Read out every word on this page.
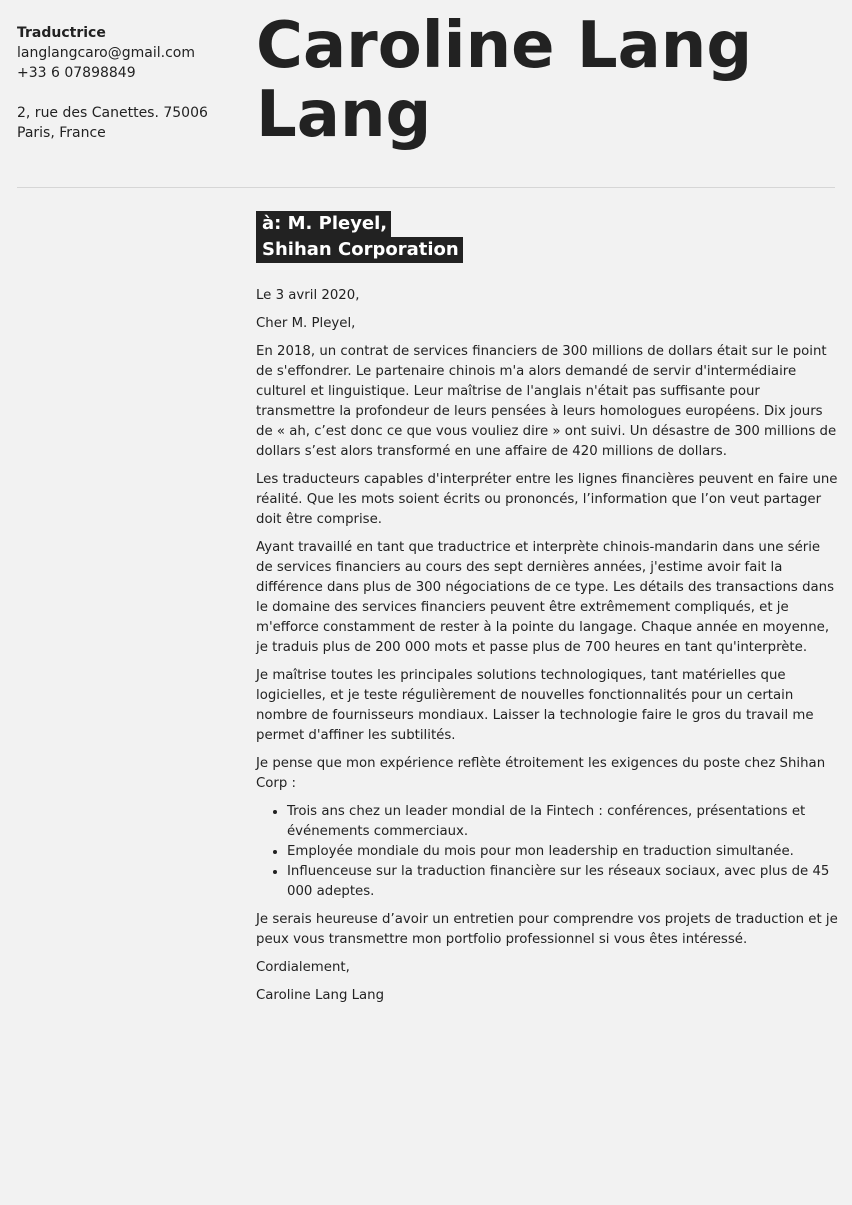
Traductrice
langlangcaro@gmail.com
+33 6 07898849
2, rue des Canettes. 75006 Paris, France
Caroline Lang Lang
à: M. Pleyel,
Shihan Corporation

Le 3 avril 2020,

Cher M. Pleyel,

En 2018, un contrat de services financiers de 300 millions de dollars était sur le point de s'effondrer. Le partenaire chinois m'a alors demandé de servir d'intermédiaire culturel et linguistique. Leur maîtrise de l'anglais n'était pas suffisante pour transmettre la profondeur de leurs pensées à leurs homologues européens. Dix jours de « ah, c’est donc ce que vous vouliez dire » ont suivi. Un désastre de 300 millions de dollars s’est alors transformé en une affaire de 420 millions de dollars.

Les traducteurs capables d'interpréter entre les lignes financières peuvent en faire une réalité. Que les mots soient écrits ou prononcés, l’information que l’on veut partager doit être comprise.

Ayant travaillé en tant que traductrice et interprète chinois-mandarin dans une série de services financiers au cours des sept dernières années, j'estime avoir fait la différence dans plus de 300 négociations de ce type. Les détails des transactions dans le domaine des services financiers peuvent être extrêmement compliqués, et je m'efforce constamment de rester à la pointe du langage. Chaque année en moyenne, je traduis plus de 200 000 mots et passe plus de 700 heures en tant qu'interprète.

Je maîtrise toutes les principales solutions technologiques, tant matérielles que logicielles, et je teste régulièrement de nouvelles fonctionnalités pour un certain nombre de fournisseurs mondiaux. Laisser la technologie faire le gros du travail me permet d'affiner les subtilités.

Je pense que mon expérience reflète étroitement les exigences du poste chez Shihan Corp :

• Trois ans chez un leader mondial de la Fintech : conférences, présentations et événements commerciaux.
• Employée mondiale du mois pour mon leadership en traduction simultanée.
• Influenceuse sur la traduction financière sur les réseaux sociaux, avec plus de 45 000 adeptes.

Je serais heureuse d’avoir un entretien pour comprendre vos projets de traduction et je peux vous transmettre mon portfolio professionnel si vous êtes intéressé.

Cordialement,

Caroline Lang Lang
